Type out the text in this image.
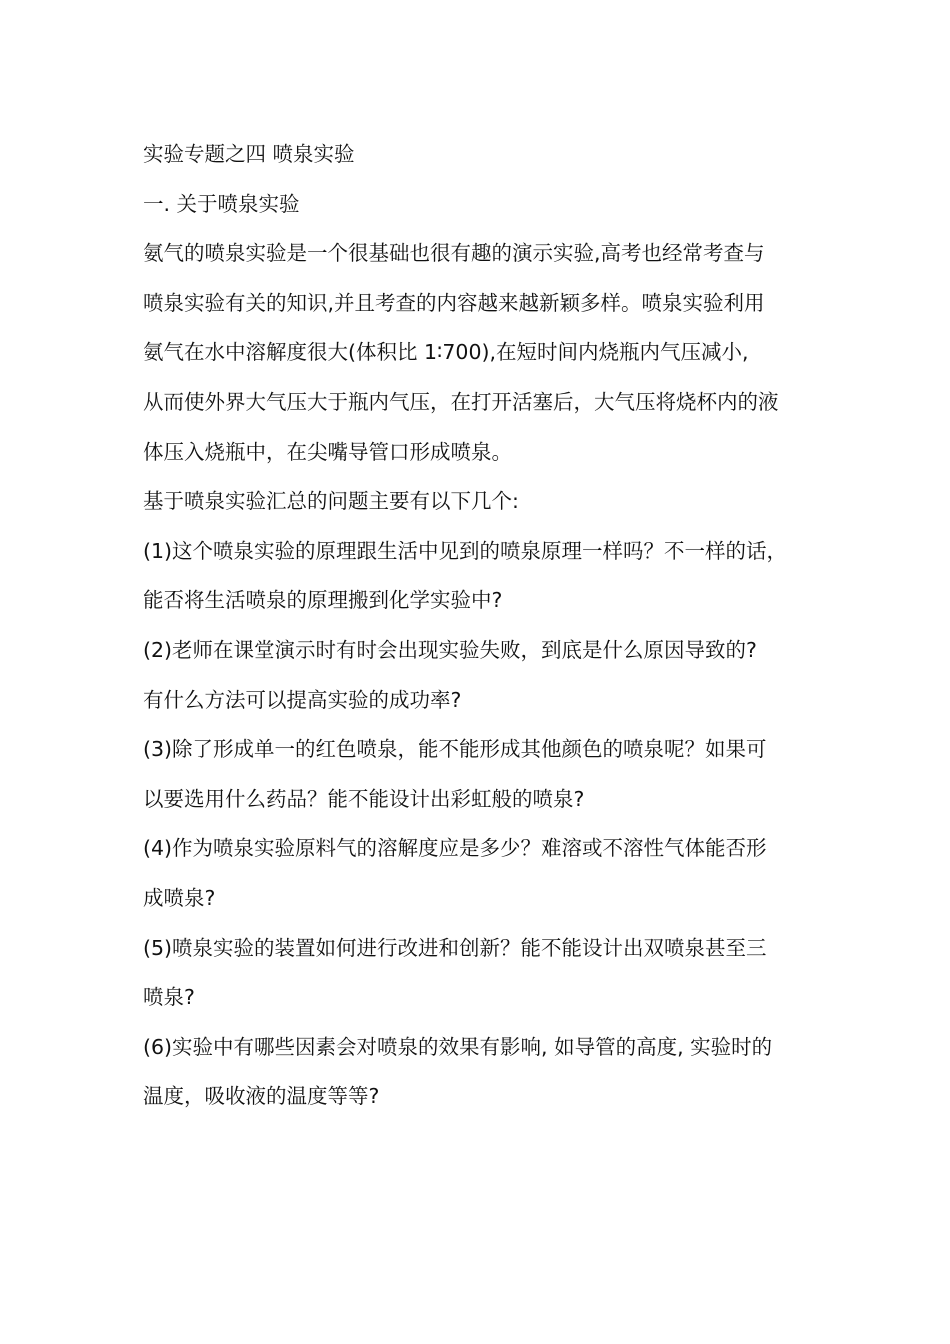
实验专题之四 喷泉实验
一. 关于喷泉实验
氨气的喷泉实验是一个很基础也很有趣的演示实验,高考也经常考查与
喷泉实验有关的知识,并且考查的内容越来越新颖多样。喷泉实验利用
氨气在水中溶解度很大(体积比 1∶700),在短时间内烧瓶内气压减小,
从而使外界大气压大于瓶内气压，在打开活塞后，大气压将烧杯内的液
体压入烧瓶中，在尖嘴导管口形成喷泉。
基于喷泉实验汇总的问题主要有以下几个:
(1)这个喷泉实验的原理跟生活中见到的喷泉原理一样吗？不一样的话，
能否将生活喷泉的原理搬到化学实验中?
(2)老师在课堂演示时有时会出现实验失败，到底是什么原因导致的?
有什么方法可以提高实验的成功率?
(3)除了形成单一的红色喷泉，能不能形成其他颜色的喷泉呢？如果可
以要选用什么药品？能不能设计出彩虹般的喷泉?
(4)作为喷泉实验原料气的溶解度应是多少？难溶或不溶性气体能否形
成喷泉?
(5)喷泉实验的装置如何进行改进和创新？能不能设计出双喷泉甚至三
喷泉?
(6)实验中有哪些因素会对喷泉的效果有影响, 如导管的高度, 实验时的
温度，吸收液的温度等等?
